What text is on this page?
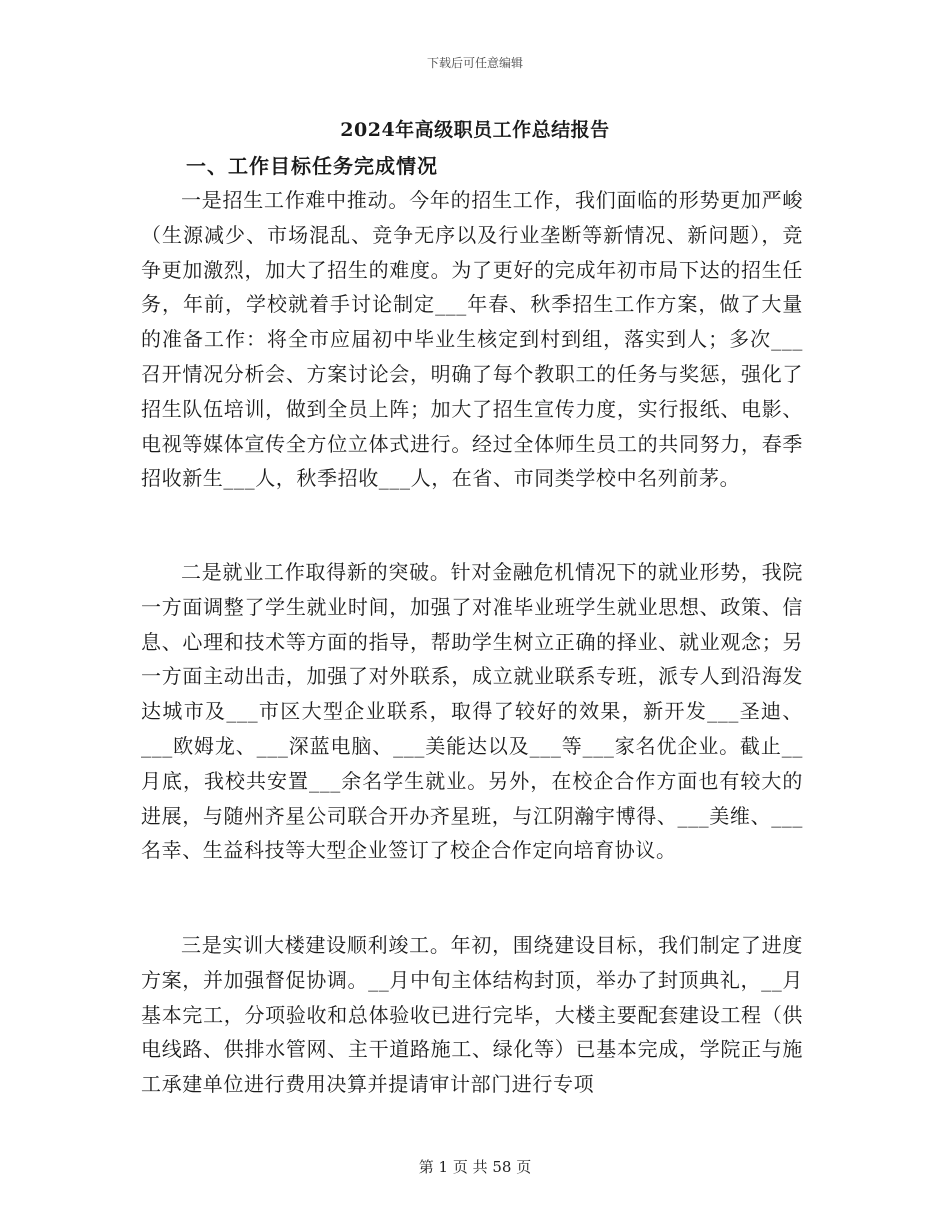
下载后可任意编辑
2024年高级职员工作总结报告
一、工作目标任务完成情况

一是招生工作难中推动。今年的招生工作，我们面临的形势更加严峻（生源减少、市场混乱、竞争无序以及行业垄断等新情况、新问题），竞争更加激烈，加大了招生的难度。为了更好的完成年初市局下达的招生任务，年前，学校就着手讨论制定___年春、秋季招生工作方案，做了大量的准备工作：将全市应届初中毕业生核定到村到组，落实到人；多次___召开情况分析会、方案讨论会，明确了每个教职工的任务与奖惩，强化了招生队伍培训，做到全员上阵；加大了招生宣传力度，实行报纸、电影、电视等媒体宣传全方位立体式进行。经过全体师生员工的共同努力，春季招收新生___人，秋季招收___人，在省、市同类学校中名列前茅。

二是就业工作取得新的突破。针对金融危机情况下的就业形势，我院一方面调整了学生就业时间，加强了对准毕业班学生就业思想、政策、信息、心理和技术等方面的指导，帮助学生树立正确的择业、就业观念；另一方面主动出击，加强了对外联系，成立就业联系专班，派专人到沿海发达城市及___市区大型企业联系，取得了较好的效果，新开发___圣迪、___欧姆龙、___深蓝电脑、___美能达以及___等___家名优企业。截止__月底，我校共安置___余名学生就业。另外，在校企合作方面也有较大的进展，与随州齐星公司联合开办齐星班，与江阴瀚宇博得、___美维、___名幸、生益科技等大型企业签订了校企合作定向培育协议。

三是实训大楼建设顺利竣工。年初，围绕建设目标，我们制定了进度方案，并加强督促协调。__月中旬主体结构封顶，举办了封顶典礼，__月基本完工，分项验收和总体验收已进行完毕，大楼主要配套建设工程（供电线路、供排水管网、主干道路施工、绿化等）已基本完成，学院正与施工承建单位进行费用决算并提请审计部门进行专项

第 1 页 共 58 页
